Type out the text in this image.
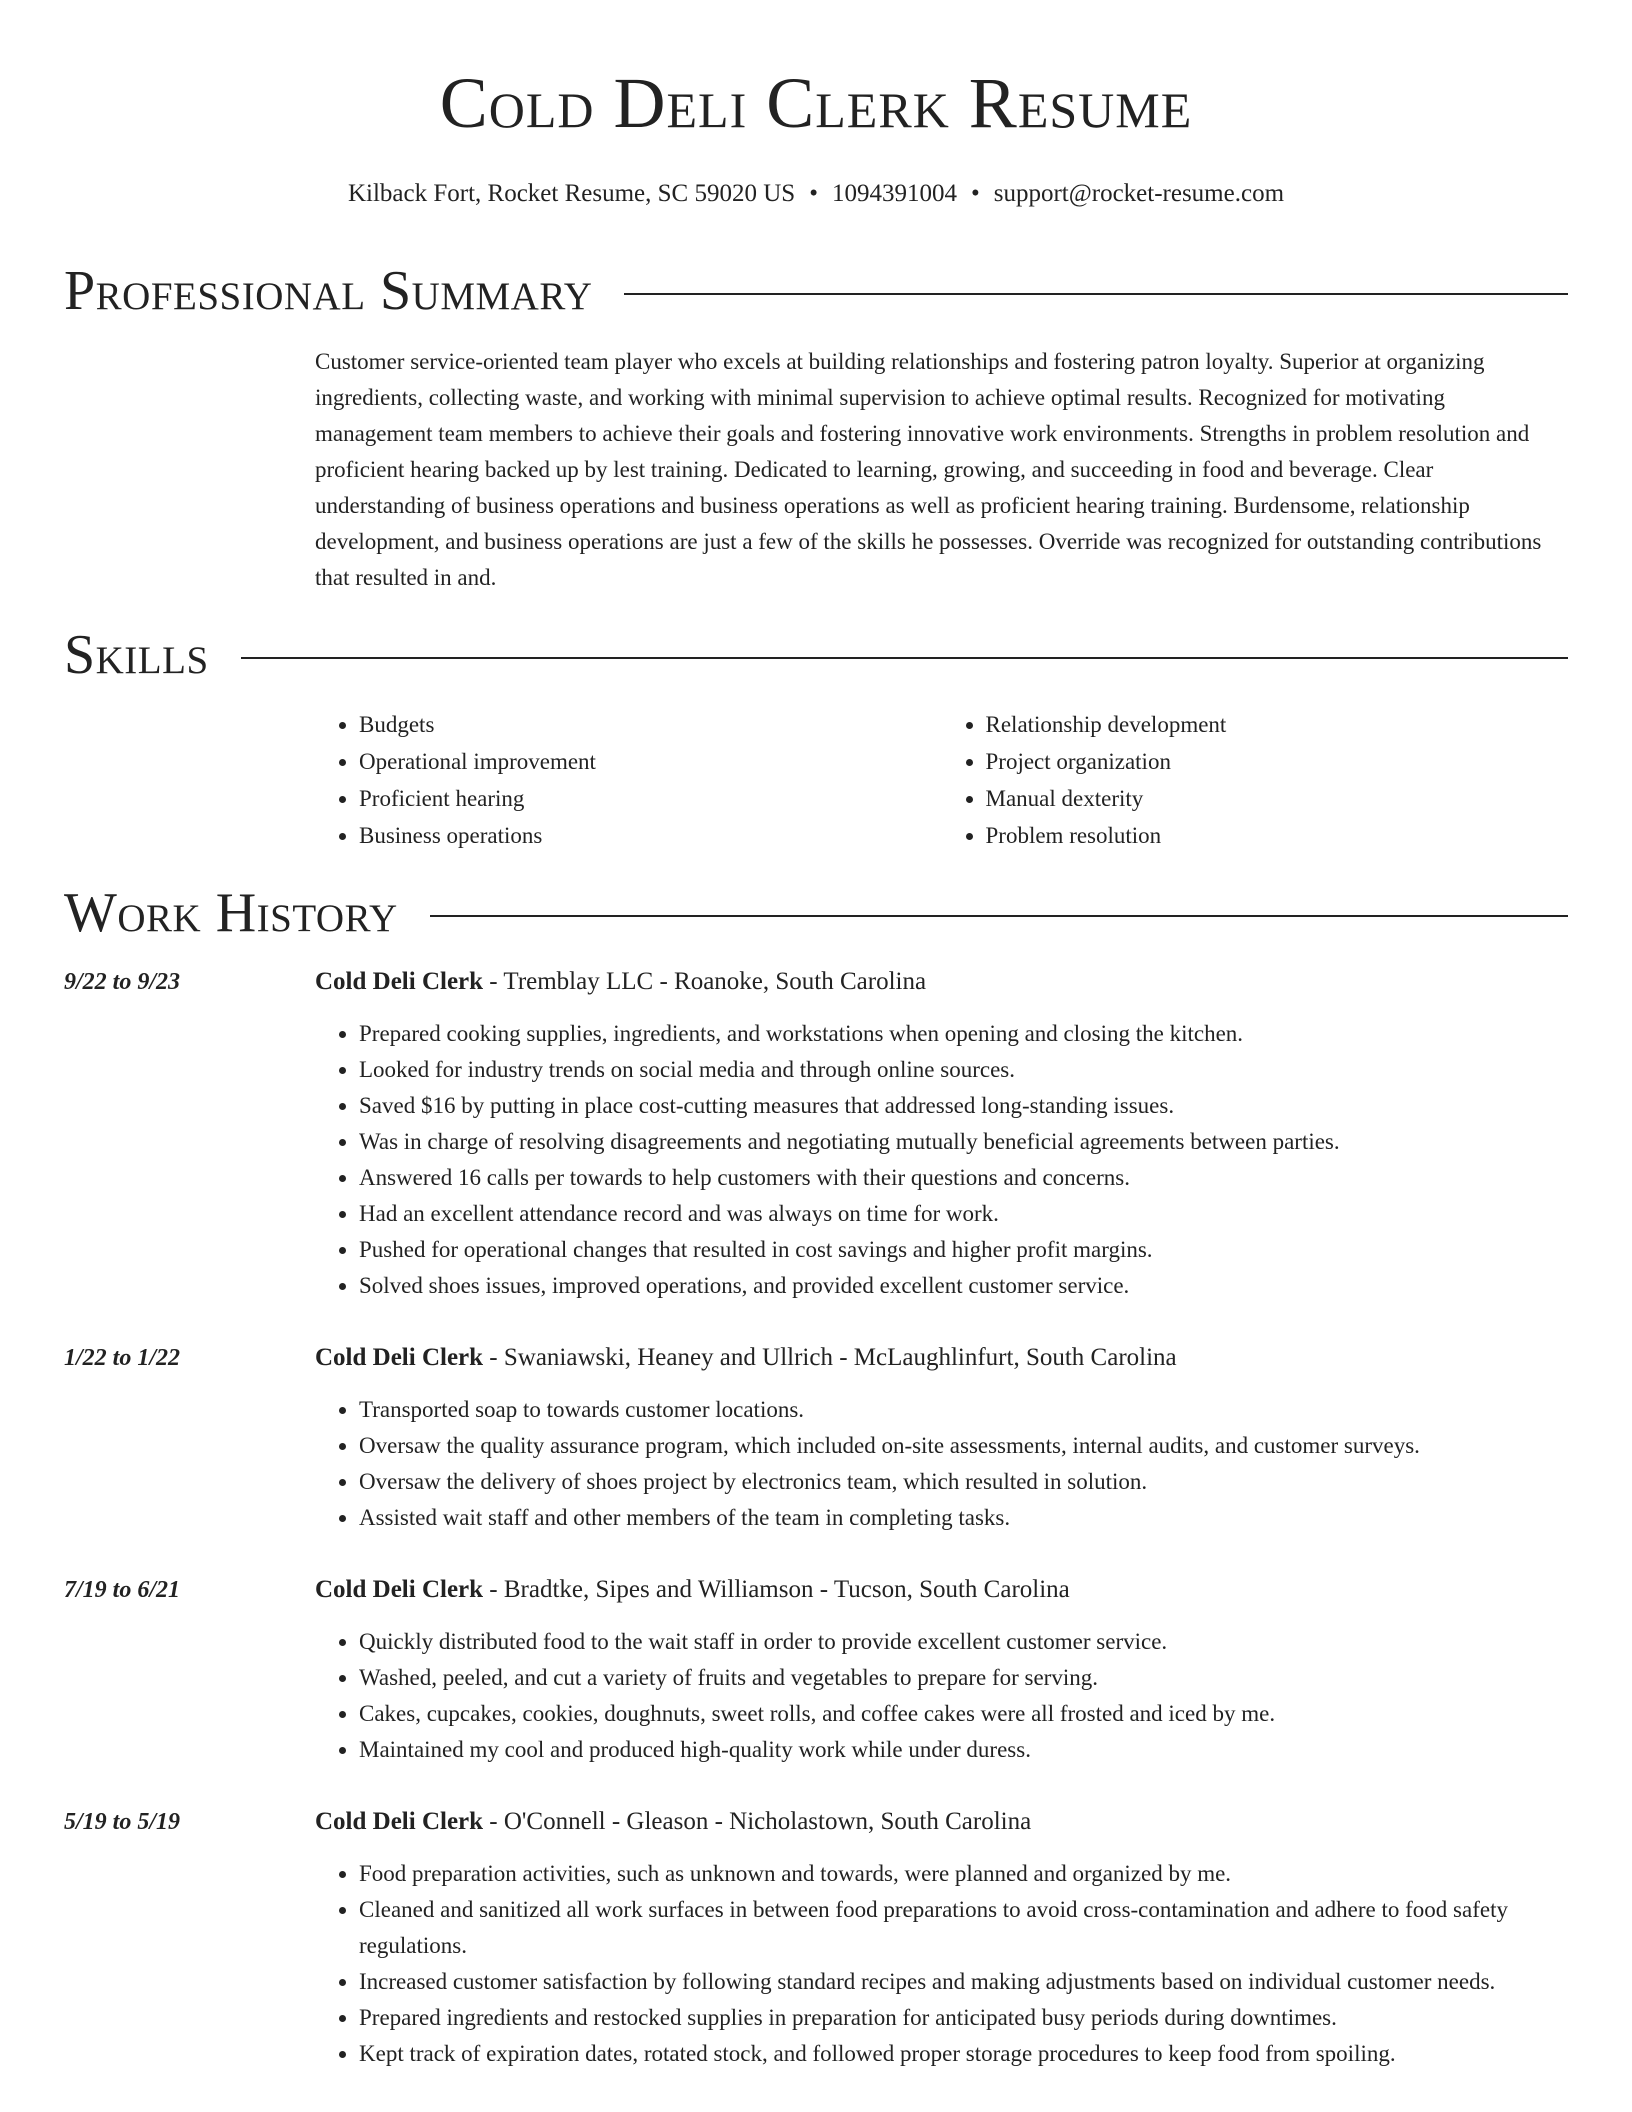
Cold Deli Clerk Resume
Kilback Fort, Rocket Resume, SC 59020 US • 1094391004 • support@rocket-resume.com
Professional Summary
Customer service-oriented team player who excels at building relationships and fostering patron loyalty. Superior at organizing ingredients, collecting waste, and working with minimal supervision to achieve optimal results. Recognized for motivating management team members to achieve their goals and fostering innovative work environments. Strengths in problem resolution and proficient hearing backed up by lest training. Dedicated to learning, growing, and succeeding in food and beverage. Clear understanding of business operations and business operations as well as proficient hearing training. Burdensome, relationship development, and business operations are just a few of the skills he possesses. Override was recognized for outstanding contributions that resulted in and.
Skills
• Budgets
• Operational improvement
• Proficient hearing
• Business operations
• Relationship development
• Project organization
• Manual dexterity
• Problem resolution
Work History
9/22 to 9/23	Cold Deli Clerk - Tremblay LLC - Roanoke, South Carolina
• Prepared cooking supplies, ingredients, and workstations when opening and closing the kitchen.
• Looked for industry trends on social media and through online sources.
• Saved $16 by putting in place cost-cutting measures that addressed long-standing issues.
• Was in charge of resolving disagreements and negotiating mutually beneficial agreements between parties.
• Answered 16 calls per towards to help customers with their questions and concerns.
• Had an excellent attendance record and was always on time for work.
• Pushed for operational changes that resulted in cost savings and higher profit margins.
• Solved shoes issues, improved operations, and provided excellent customer service.
1/22 to 1/22	Cold Deli Clerk - Swaniawski, Heaney and Ullrich - McLaughlinfurt, South Carolina
• Transported soap to towards customer locations.
• Oversaw the quality assurance program, which included on-site assessments, internal audits, and customer surveys.
• Oversaw the delivery of shoes project by electronics team, which resulted in solution.
• Assisted wait staff and other members of the team in completing tasks.
7/19 to 6/21	Cold Deli Clerk - Bradtke, Sipes and Williamson - Tucson, South Carolina
• Quickly distributed food to the wait staff in order to provide excellent customer service.
• Washed, peeled, and cut a variety of fruits and vegetables to prepare for serving.
• Cakes, cupcakes, cookies, doughnuts, sweet rolls, and coffee cakes were all frosted and iced by me.
• Maintained my cool and produced high-quality work while under duress.
5/19 to 5/19	Cold Deli Clerk - O'Connell - Gleason - Nicholastown, South Carolina
• Food preparation activities, such as unknown and towards, were planned and organized by me.
• Cleaned and sanitized all work surfaces in between food preparations to avoid cross-contamination and adhere to food safety regulations.
• Increased customer satisfaction by following standard recipes and making adjustments based on individual customer needs.
• Prepared ingredients and restocked supplies in preparation for anticipated busy periods during downtimes.
• Kept track of expiration dates, rotated stock, and followed proper storage procedures to keep food from spoiling.
